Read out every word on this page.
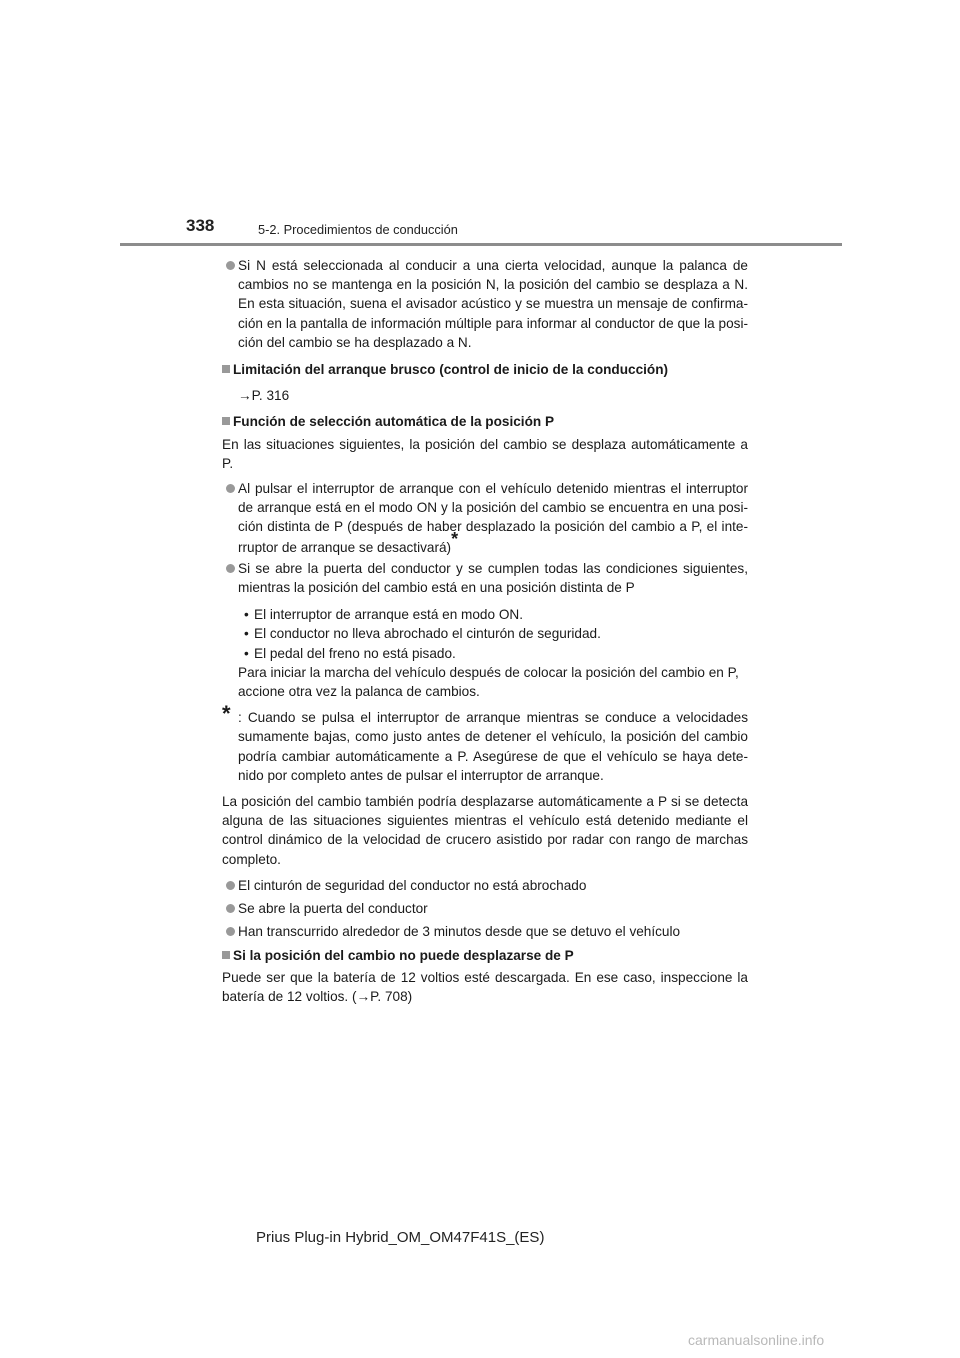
338	5-2. Procedimientos de conducción

Si N está seleccionada al conducir a una cierta velocidad, aunque la palanca de cambios no se mantenga en la posición N, la posición del cambio se desplaza a N. En esta situación, suena el avisador acústico y se muestra un mensaje de confirma-ción en la pantalla de información múltiple para informar al conductor de que la posi-ción del cambio se ha desplazado a N.

Limitación del arranque brusco (control de inicio de la conducción)

→P. 316

Función de selección automática de la posición P

En las situaciones siguientes, la posición del cambio se desplaza automáticamente a P.

Al pulsar el interruptor de arranque con el vehículo detenido mientras el interruptor de arranque está en el modo ON y la posición del cambio se encuentra en una posi-ción distinta de P (después de haber desplazado la posición del cambio a P, el inte-rruptor de arranque se desactivará)*

Si se abre la puerta del conductor y se cumplen todas las condiciones siguientes, mientras la posición del cambio está en una posición distinta de P

• El interruptor de arranque está en modo ON.
• El conductor no lleva abrochado el cinturón de seguridad.
• El pedal del freno no está pisado.

Para iniciar la marcha del vehículo después de colocar la posición del cambio en P, accione otra vez la palanca de cambios.

* : Cuando se pulsa el interruptor de arranque mientras se conduce a velocidades sumamente bajas, como justo antes de detener el vehículo, la posición del cambio podría cambiar automáticamente a P. Asegúrese de que el vehículo se haya dete-nido por completo antes de pulsar el interruptor de arranque.

La posición del cambio también podría desplazarse automáticamente a P si se detecta alguna de las situaciones siguientes mientras el vehículo está detenido mediante el control dinámico de la velocidad de crucero asistido por radar con rango de marchas completo.

El cinturón de seguridad del conductor no está abrochado

Se abre la puerta del conductor

Han transcurrido alrededor de 3 minutos desde que se detuvo el vehículo

Si la posición del cambio no puede desplazarse de P

Puede ser que la batería de 12 voltios esté descargada. En ese caso, inspeccione la batería de 12 voltios. (→P. 708)

Prius Plug-in Hybrid_OM_OM47F41S_(ES)
carmanualsonline.info
